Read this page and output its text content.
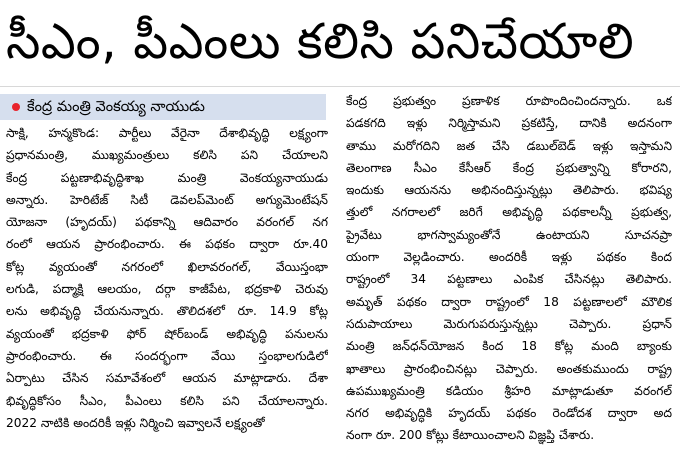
సీఎం, పీఎంలు కలిసి పనిచేయాలి
కేంద్ర మంత్రి వెంకయ్య నాయుడు
సాక్షి, హన్మకొండ: పార్టీలు వేరైనా దేశాభివృద్ధి లక్ష్యంగా
ప్రధానమంత్రి, ముఖ్యమంత్రులు కలిసి పని చేయాలని
కేంద్ర పట్టణాభివృద్ధిశాఖ మంత్రి వెంకయ్యనాయుడు
అన్నారు. హెరిటేజ్ సిటీ డెవలప్‌మెంట్ అగ్యుమెంటేషన్
యోజనా (హృదయ్) పథకాన్ని ఆదివారం వరంగల్ నగ
రంలో ఆయన ప్రారంభించారు. ఈ పథకం ద్వారా రూ.40
కోట్ల వ్యయంతో నగరంలో ఖిలావరంగల్, వేయిస్తంభా
లగుడి, పద్మాక్షి ఆలయం, దర్గా కాజీపేట, భద్రకాళి చెరువు
లను అభివృద్ధి చేయనున్నారు. తొలిదశలో రూ. 14.9 కోట్ల
వ్యయంతో భద్రకాళి ఫోర్ షోర్‌బండ్ అభివృద్ధి పనులను
ప్రారంభించారు. ఈ సందర్భంగా వేయి స్తంభాలగుడిలో
ఏర్పాటు చేసిన సమావేశంలో ఆయన మాట్లాడారు. దేశా
భివృద్ధికోసం సీఎం, పీఎంలు కలిసి పని చేయాలన్నారు.
2022 నాటికి అందరికీ ఇళ్లు నిర్మించి ఇవ్వాలనే లక్ష్యంతో
కేంద్ర ప్రభుత్వం ప్రణాళిక రూపొందించిందన్నారు. ఒక
పడకగది ఇళ్లు నిర్మిస్తామని ప్రకటిస్తే, దానికి అదనంగా
తాము మరోగదిని జత చేసి డబుల్‌బెడ్ ఇళ్లు ఇస్తామని
తెలంగాణ సీఎం కేసీఆర్ కేంద్ర ప్రభుత్వాన్ని కోరారని,
ఇందుకు ఆయనను అభినందిస్తున్నట్లు తెలిపారు. భవిష్య
త్తులో నగరాలలో జరిగే అభివృద్ధి పథకాలన్నీ ప్రభుత్వ,
ప్రైవేటు భాగస్వామ్యంతోనే ఉంటాయని సూచనప్రా
యంగా వెల్లడించారు. అందరికీ ఇళ్లు పథకం కింద
రాష్ట్రంలో 34 పట్టణాలు ఎంపిక చేసినట్లు తెలిపారు.
అమృత్ పథకం ద్వారా రాష్ట్రంలో 18 పట్టణాలలో మౌలిక
సదుపాయాలు మెరుగుపరుస్తున్నట్లు చెప్పారు. ప్రధాన్
మంత్రి జన్‌ధన్‌యోజన కింద 18 కోట్ల మంది బ్యాంకు
ఖాతాలు ప్రారంభించినట్లు చెప్పారు. అంతకుముందు రాష్ట్ర
ఉపముఖ్యమంత్రి కడియం శ్రీహరి మాట్లాడుతూ వరంగల్
నగర అభివృద్ధికి హృదయ్ పథకం రెండోదశ ద్వారా అద
నంగా రూ. 200 కోట్లు కేటాయించాలని విజ్ఞప్తి చేశారు.
